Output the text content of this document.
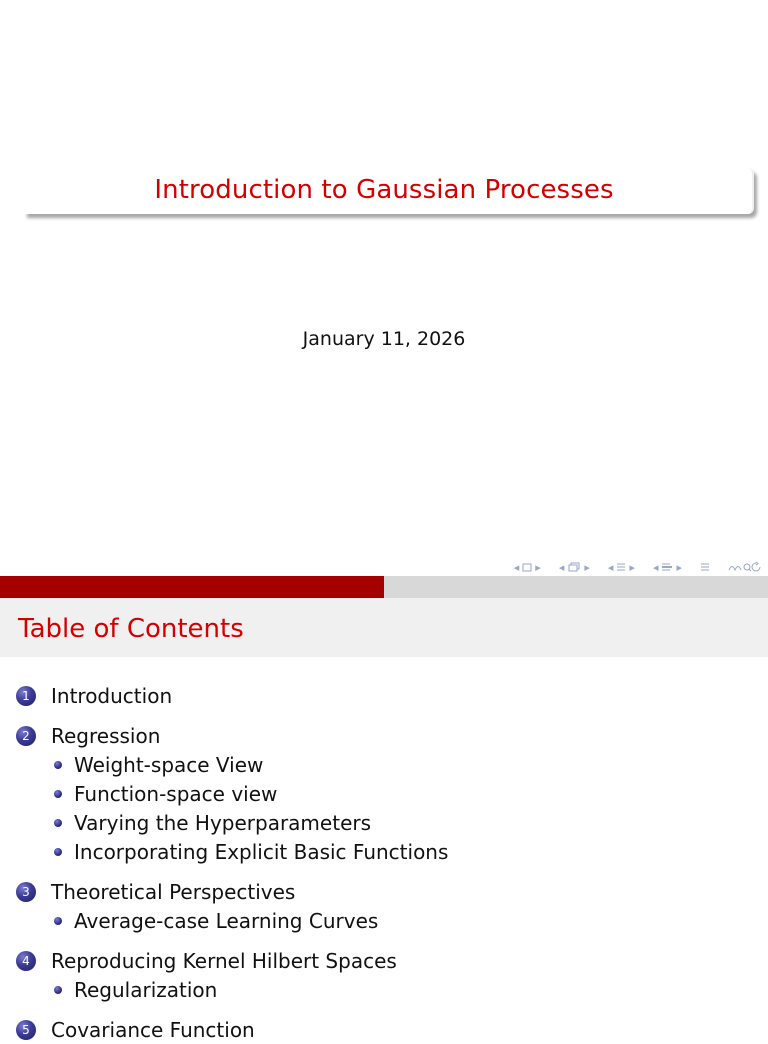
Introduction to Gaussian Processes
January 11, 2026
◂ ▸ ◂ ▸ ◂ ▸ ◂ ▸
Table of Contents
1	Introduction
2	Regression
Weight-space View
Function-space view
Varying the Hyperparameters
Incorporating Explicit Basic Functions
3	Theoretical Perspectives
Average-case Learning Curves
4	Reproducing Kernel Hilbert Spaces
Regularization
5	Covariance Function
